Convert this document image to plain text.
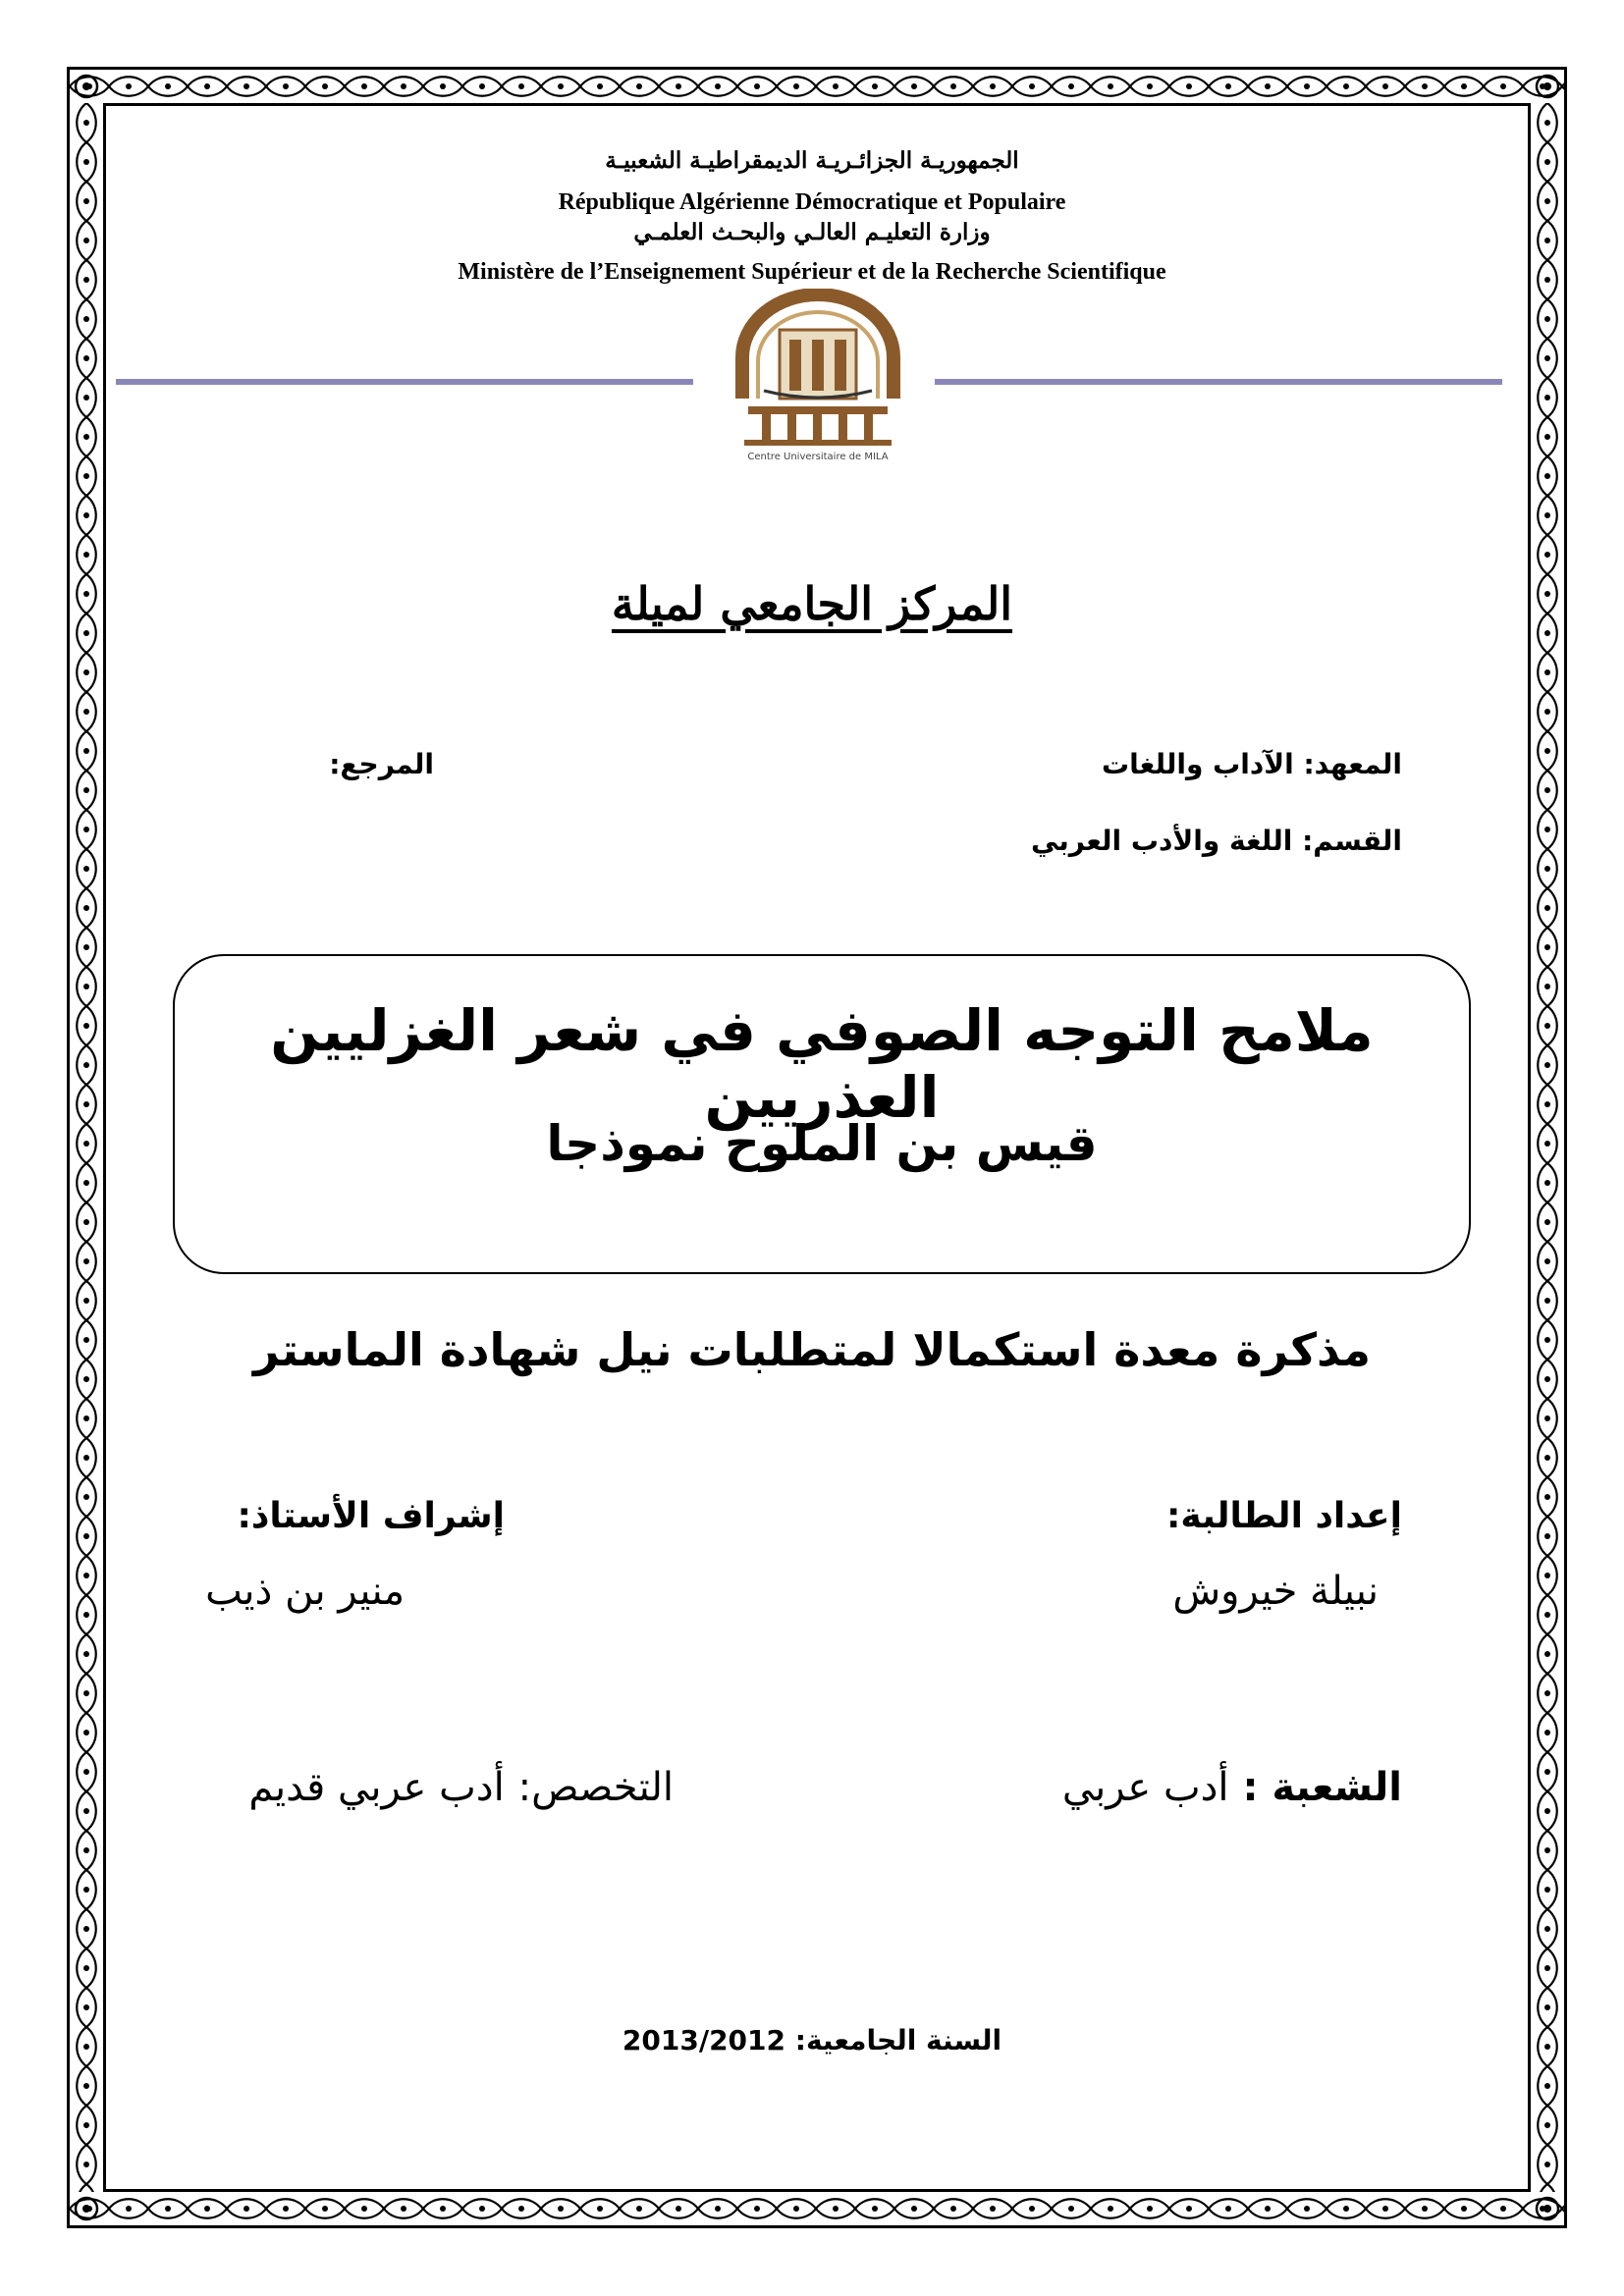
الجمهوريـة الجزائـريـة الديمقراطيـة الشعبيـة
République Algérienne Démocratique et Populaire
وزارة التعليـم العالـي والبحـث العلمـي
Ministère de l’Enseignement Supérieur et de la Recherche Scientifique
Centre Universitaire de MILA
المركز الجامعي لميلة
المعهد: الآداب واللغات
المرجع:
القسم: اللغة والأدب العربي
ملامح التوجه الصوفي في شعر الغزليين العذريين
قيس بن الملوح نموذجا
مذكرة معدة استكمالا لمتطلبات نيل شهادة الماستر
إعداد الطالبة:
إشراف الأستاذ:
نبيلة خيروش
منير بن ذيب
الشعبة : أدب عربي
التخصص: أدب عربي قديم
السنة الجامعية: 2013/2012
